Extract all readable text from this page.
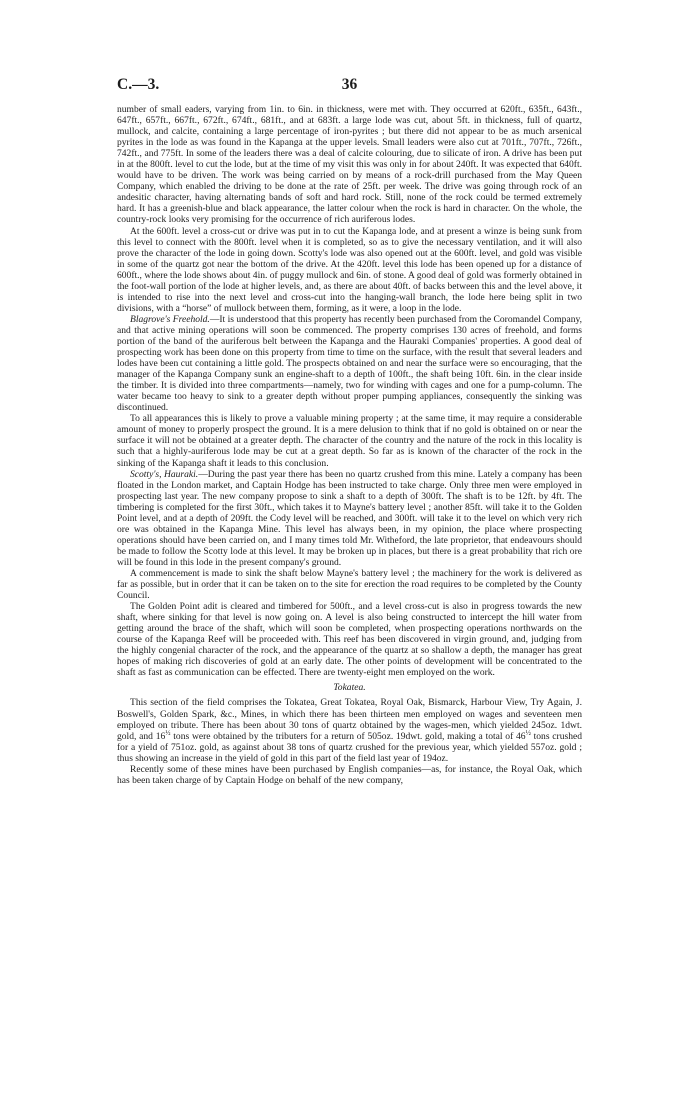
C.—3.	36

number of small eaders, varying from 1in. to 6in. in thickness, were met with. They occurred at 620ft., 635ft., 643ft., 647ft., 657ft., 667ft., 672ft., 674ft., 681ft., and at 683ft. a large lode was cut, about 5ft. in thickness, full of quartz, mullock, and calcite, containing a large percentage of iron-pyrites ; but there did not appear to be as much arsenical pyrites in the lode as was found in the Kapanga at the upper levels. Small leaders were also cut at 701ft., 707ft., 726ft., 742ft., and 775ft. In some of the leaders there was a deal of calcite colouring, due to silicate of iron. A drive has been put in at the 800ft. level to cut the lode, but at the time of my visit this was only in for about 240ft. It was expected that 640ft. would have to be driven. The work was being carried on by means of a rock-drill purchased from the May Queen Company, which enabled the driving to be done at the rate of 25ft. per week. The drive was going through rock of an andesitic character, having alternating bands of soft and hard rock. Still, none of the rock could be termed extremely hard. It has a greenish-blue and black appearance, the latter colour when the rock is hard in character. On the whole, the country-rock looks very promising for the occurrence of rich auriferous lodes.

At the 600ft. level a cross-cut or drive was put in to cut the Kapanga lode, and at present a winze is being sunk from this level to connect with the 800ft. level when it is completed, so as to give the necessary ventilation, and it will also prove the character of the lode in going down. Scotty's lode was also opened out at the 600ft. level, and gold was visible in some of the quartz got near the bottom of the drive. At the 420ft. level this lode has been opened up for a distance of 600ft., where the lode shows about 4in. of puggy mullock and 6in. of stone. A good deal of gold was formerly obtained in the foot-wall portion of the lode at higher levels, and, as there are about 40ft. of backs between this and the level above, it is intended to rise into the next level and cross-cut into the hanging-wall branch, the lode here being split in two divisions, with a “horse” of mullock between them, forming, as it were, a loop in the lode.

Blagrove's Freehold.—It is understood that this property has recently been purchased from the Coromandel Company, and that active mining operations will soon be commenced. The property comprises 130 acres of freehold, and forms portion of the band of the auriferous belt between the Kapanga and the Hauraki Companies' properties. A good deal of prospecting work has been done on this property from time to time on the surface, with the result that several leaders and lodes have been cut containing a little gold. The prospects obtained on and near the surface were so encouraging, that the manager of the Kapanga Company sunk an engine-shaft to a depth of 100ft., the shaft being 10ft. 6in. in the clear inside the timber. It is divided into three compartments—namely, two for winding with cages and one for a pump-column. The water became too heavy to sink to a greater depth without proper pumping appliances, consequently the sinking was discontinued.

To all appearances this is likely to prove a valuable mining property ; at the same time, it may require a considerable amount of money to properly prospect the ground. It is a mere delusion to think that if no gold is obtained on or near the surface it will not be obtained at a greater depth. The character of the country and the nature of the rock in this locality is such that a highly-auriferous lode may be cut at a great depth. So far as is known of the character of the rock in the sinking of the Kapanga shaft it leads to this conclusion.

Scotty's, Hauraki.—During the past year there has been no quartz crushed from this mine. Lately a company has been floated in the London market, and Captain Hodge has been instructed to take charge. Only three men were employed in prospecting last year. The new company propose to sink a shaft to a depth of 300ft. The shaft is to be 12ft. by 4ft. The timbering is completed for the first 30ft., which takes it to Mayne's battery level ; another 85ft. will take it to the Golden Point level, and at a depth of 209ft. the Cody level will be reached, and 300ft. will take it to the level on which very rich ore was obtained in the Kapanga Mine. This level has always been, in my opinion, the place where prospecting operations should have been carried on, and I many times told Mr. Witheford, the late proprietor, that endeavours should be made to follow the Scotty lode at this level. It may be broken up in places, but there is a great probability that rich ore will be found in this lode in the present company's ground.

A commencement is made to sink the shaft below Mayne's battery level ; the machinery for the work is delivered as far as possible, but in order that it can be taken on to the site for erection the road requires to be completed by the County Council.

The Golden Point adit is cleared and timbered for 500ft., and a level cross-cut is also in progress towards the new shaft, where sinking for that level is now going on. A level is also being constructed to intercept the hill water from getting around the brace of the shaft, which will soon be completed, when prospecting operations northwards on the course of the Kapanga Reef will be proceeded with. This reef has been discovered in virgin ground, and, judging from the highly congenial character of the rock, and the appearance of the quartz at so shallow a depth, the manager has great hopes of making rich discoveries of gold at an early date. The other points of development will be concentrated to the shaft as fast as communication can be effected. There are twenty-eight men employed on the work.

Tokatea.

This section of the field comprises the Tokatea, Great Tokatea, Royal Oak, Bismarck, Harbour View, Try Again, J. Boswell's, Golden Spark, &c., Mines, in which there has been thirteen men employed on wages and seventeen men employed on tribute. There has been about 30 tons of quartz obtained by the wages-men, which yielded 245oz. 1dwt. gold, and $16^{\frac{1}{2}}$ tons were obtained by the tributers for a return of 505oz. 19dwt. gold, making a total of $46^{\frac{1}{2}}$ tons crushed for a yield of 751oz. gold, as against about 38 tons of quartz crushed for the previous year, which yielded 557oz. gold ; thus showing an increase in the yield of gold in this part of the field last year of 194oz.

Recently some of these mines have been purchased by English companies—as, for instance, the Royal Oak, which has been taken charge of by Captain Hodge on behalf of the new company,
